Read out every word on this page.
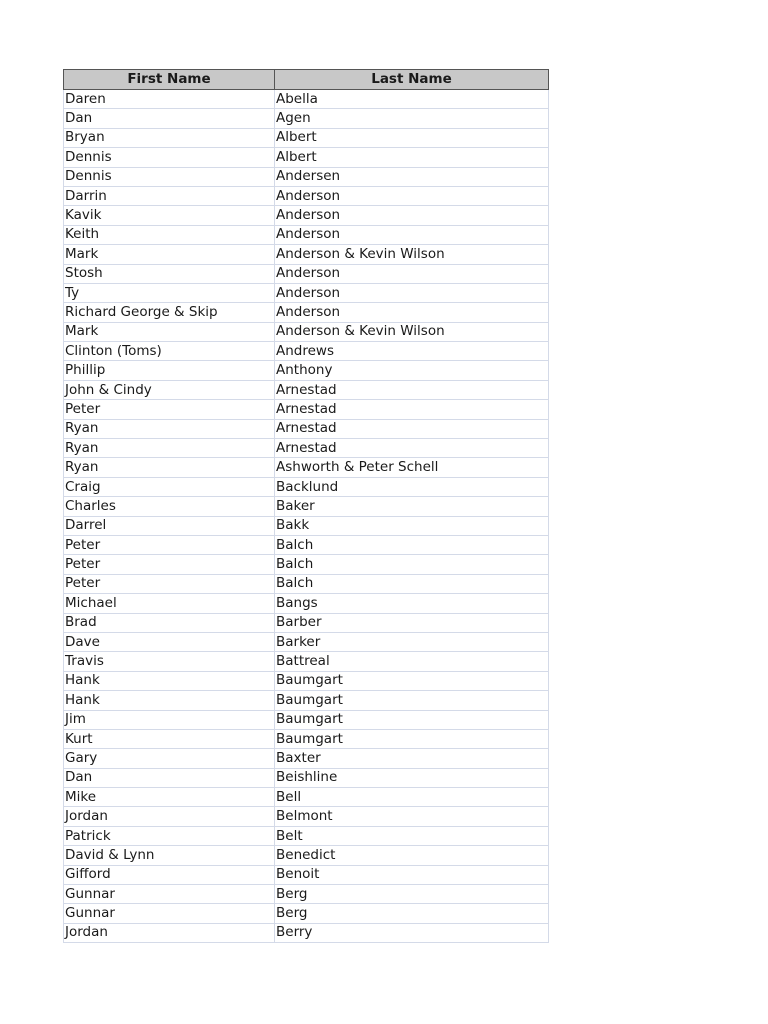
First Name	Last Name
Daren	Abella
Dan	Agen
Bryan	Albert
Dennis	Albert
Dennis	Andersen
Darrin	Anderson
Kavik	Anderson
Keith	Anderson
Mark	Anderson & Kevin Wilson
Stosh	Anderson
Ty	Anderson
Richard George & Skip	Anderson
Mark	Anderson & Kevin Wilson
Clinton (Toms)	Andrews
Phillip	Anthony
John & Cindy	Arnestad
Peter	Arnestad
Ryan	Arnestad
Ryan	Arnestad
Ryan	Ashworth & Peter Schell
Craig	Backlund
Charles	Baker
Darrel	Bakk
Peter	Balch
Peter	Balch
Peter	Balch
Michael	Bangs
Brad	Barber
Dave	Barker
Travis	Battreal
Hank	Baumgart
Hank	Baumgart
Jim	Baumgart
Kurt	Baumgart
Gary	Baxter
Dan	Beishline
Mike	Bell
Jordan	Belmont
Patrick	Belt
David & Lynn	Benedict
Gifford	Benoit
Gunnar	Berg
Gunnar	Berg
Jordan	Berry
